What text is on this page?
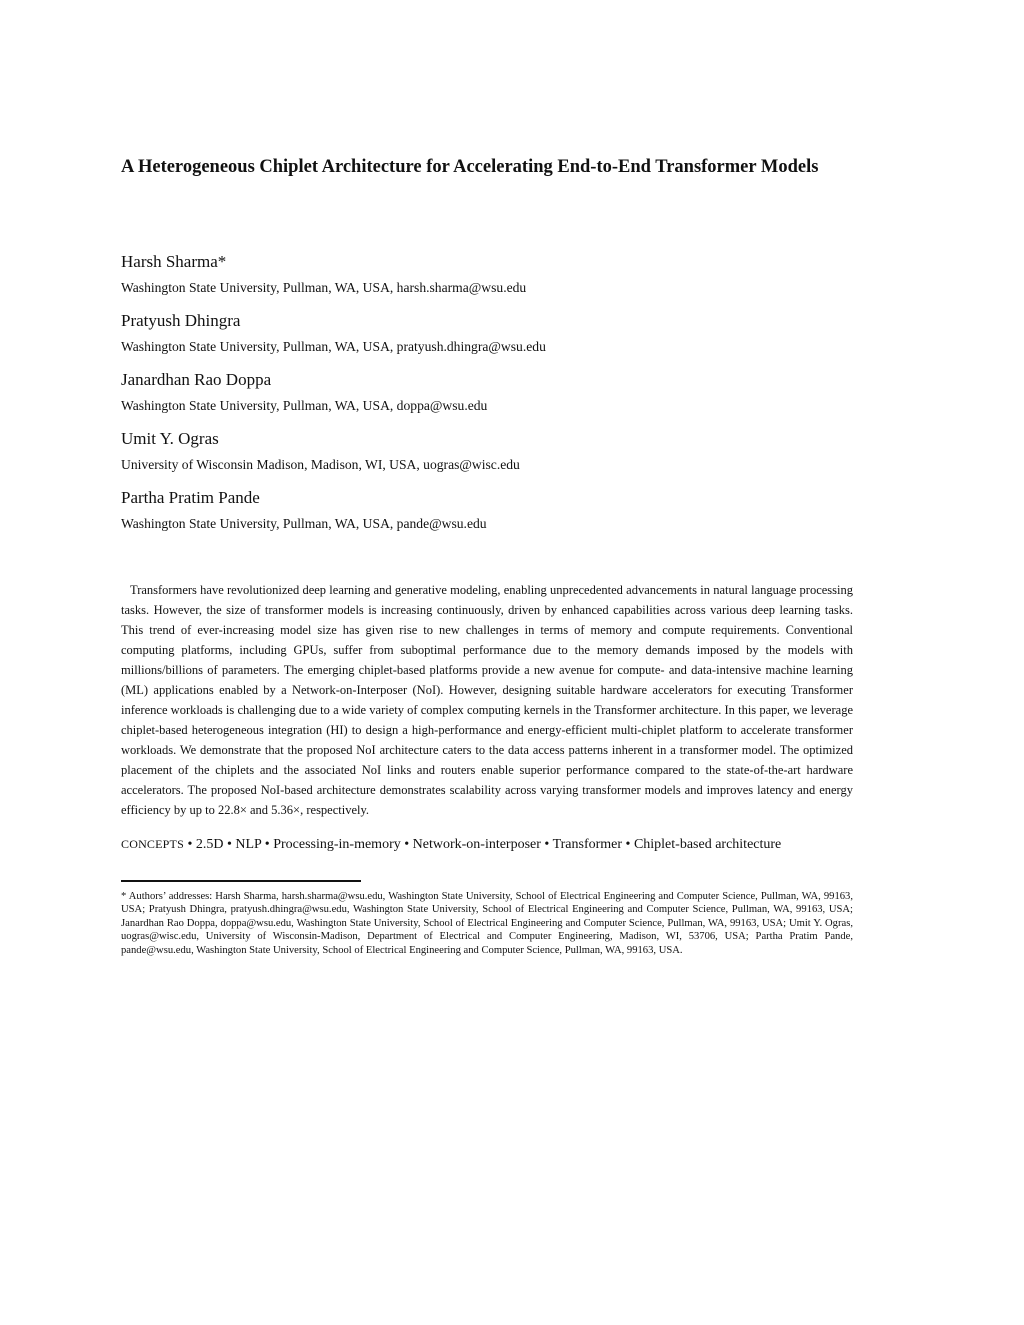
A Heterogeneous Chiplet Architecture for Accelerating End-to-End Transformer Models
Harsh Sharma*
Washington State University, Pullman, WA, USA, harsh.sharma@wsu.edu
Pratyush Dhingra
Washington State University, Pullman, WA, USA, pratyush.dhingra@wsu.edu
Janardhan Rao Doppa
Washington State University, Pullman, WA, USA, doppa@wsu.edu
Umit Y. Ogras
University of Wisconsin Madison, Madison, WI, USA, uogras@wisc.edu
Partha Pratim Pande
Washington State University, Pullman, WA, USA, pande@wsu.edu

Transformers have revolutionized deep learning and generative modeling, enabling unprecedented advancements in natural language processing tasks. However, the size of transformer models is increasing continuously, driven by enhanced capabilities across various deep learning tasks. This trend of ever-increasing model size has given rise to new challenges in terms of memory and compute requirements. Conventional computing platforms, including GPUs, suffer from suboptimal performance due to the memory demands imposed by the models with millions/billions of parameters. The emerging chiplet-based platforms provide a new avenue for compute- and data-intensive machine learning (ML) applications enabled by a Network-on-Interposer (NoI). However, designing suitable hardware accelerators for executing Transformer inference workloads is challenging due to a wide variety of complex computing kernels in the Transformer architecture. In this paper, we leverage chiplet-based heterogeneous integration (HI) to design a high-performance and energy-efficient multi-chiplet platform to accelerate transformer workloads. We demonstrate that the proposed NoI architecture caters to the data access patterns inherent in a transformer model. The optimized placement of the chiplets and the associated NoI links and routers enable superior performance compared to the state-of-the-art hardware accelerators. The proposed NoI-based architecture demonstrates scalability across varying transformer models and improves latency and energy efficiency by up to 22.8× and 5.36×, respectively.

CONCEPTS • 2.5D • NLP • Processing-in-memory • Network-on-interposer • Transformer • Chiplet-based architecture

* Authors’ addresses: Harsh Sharma, harsh.sharma@wsu.edu, Washington State University, School of Electrical Engineering and Computer Science, Pullman, WA, 99163, USA; Pratyush Dhingra, pratyush.dhingra@wsu.edu, Washington State University, School of Electrical Engineering and Computer Science, Pullman, WA, 99163, USA; Janardhan Rao Doppa, doppa@wsu.edu, Washington State University, School of Electrical Engineering and Computer Science, Pullman, WA, 99163, USA; Umit Y. Ogras, uogras@wisc.edu, University of Wisconsin-Madison, Department of Electrical and Computer Engineering, Madison, WI, 53706, USA; Partha Pratim Pande, pande@wsu.edu, Washington State University, School of Electrical Engineering and Computer Science, Pullman, WA, 99163, USA.
